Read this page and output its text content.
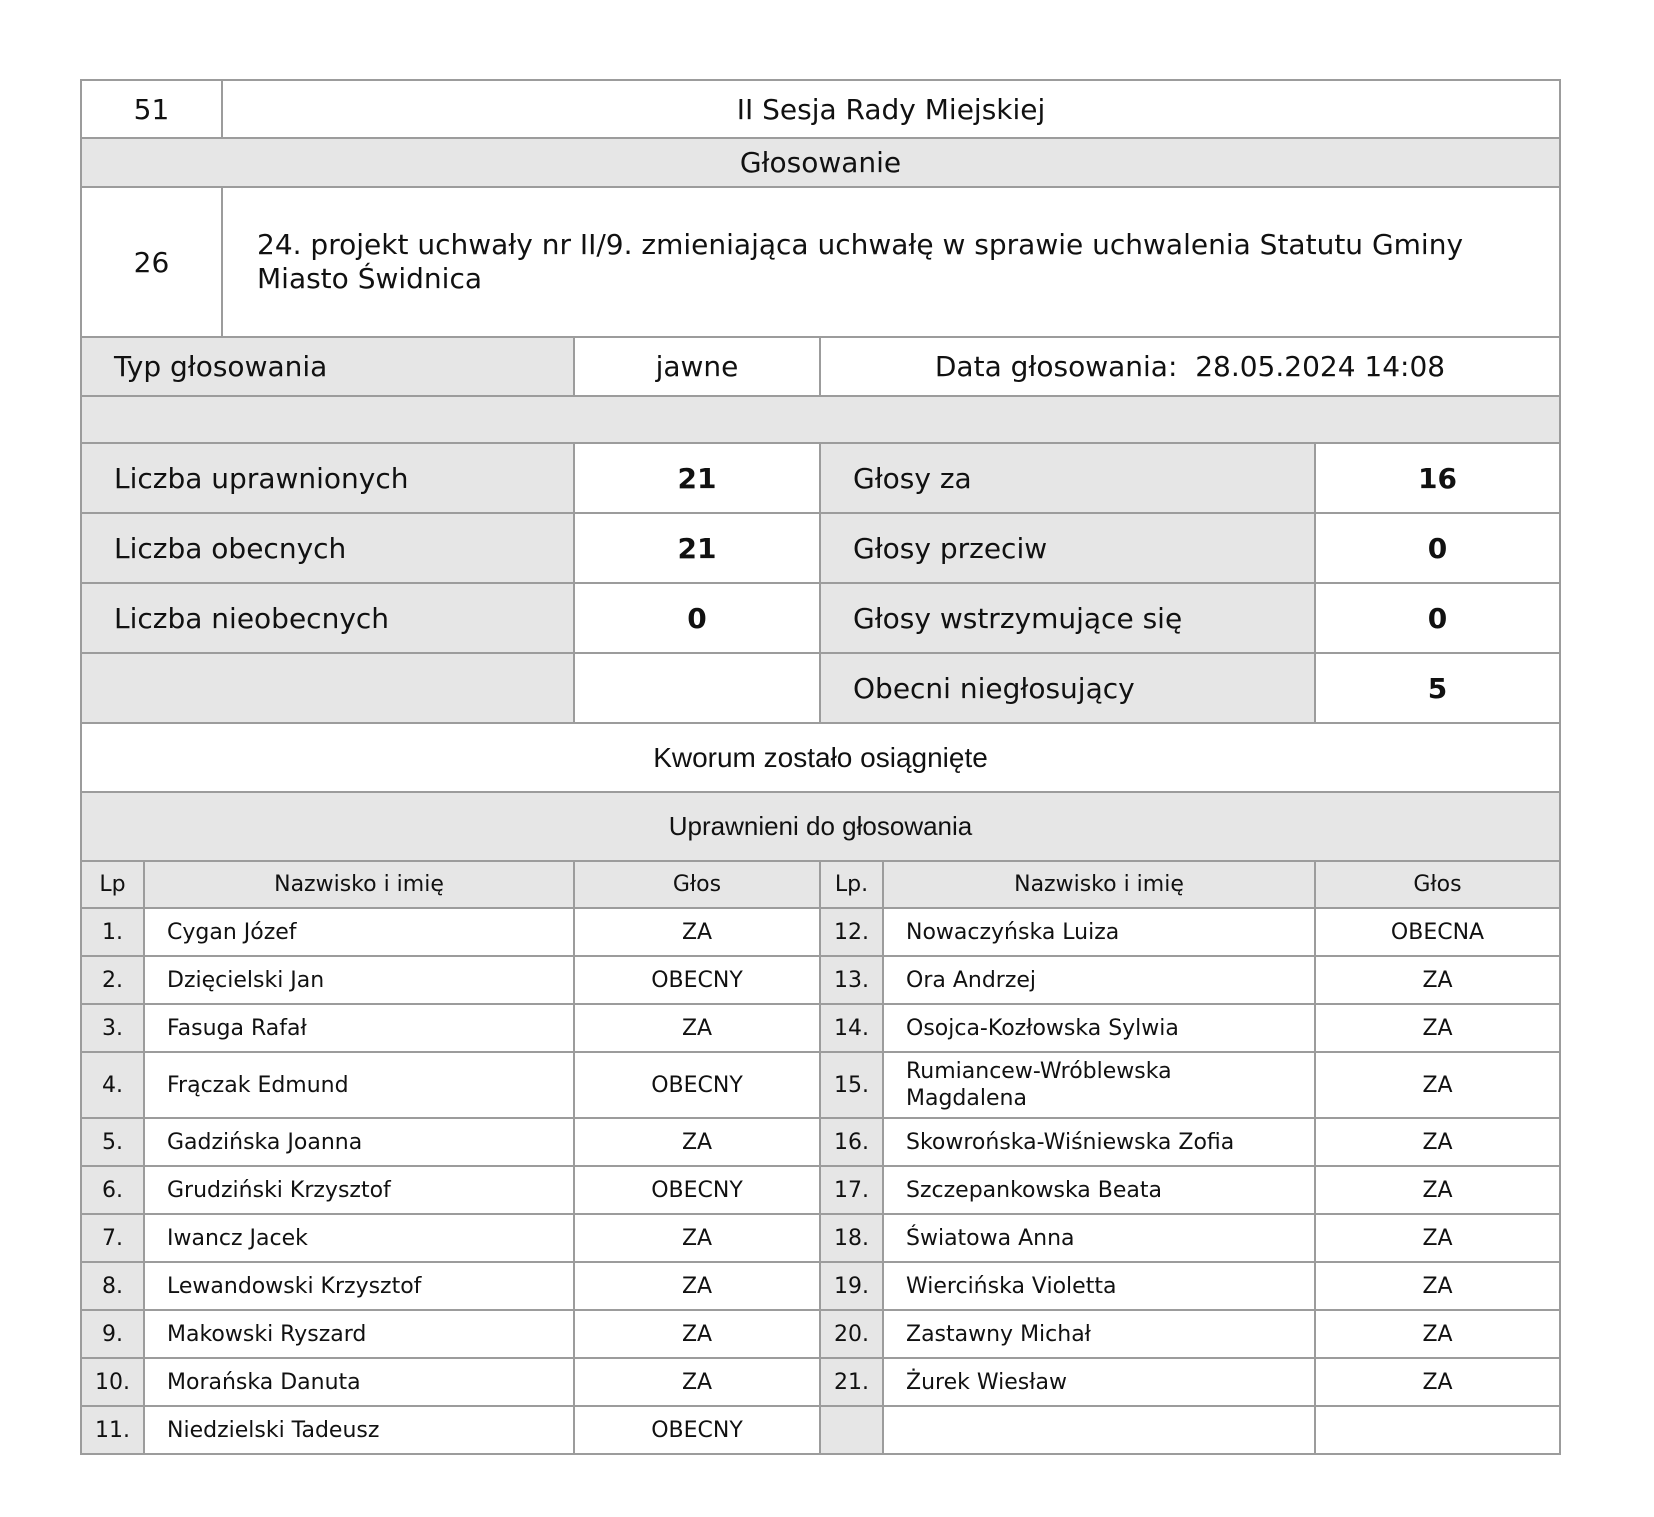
51	II Sesja Rady Miejskiej
Głosowanie
26	24. projekt uchwały nr II/9. zmieniająca uchwałę w sprawie uchwalenia Statutu Gminy Miasto Świdnica
Typ głosowania	jawne	Data głosowania: 28.05.2024 14:08
Liczba uprawnionych	21	Głosy za	16
Liczba obecnych	21	Głosy przeciw	0
Liczba nieobecnych	0	Głosy wstrzymujące się	0
		Obecni niegłosujący	5
Kworum zostało osiągnięte
Uprawnieni do głosowania
Lp	Nazwisko i imię	Głos	Lp.	Nazwisko i imię	Głos
1.	Cygan Józef	ZA	12.	Nowaczyńska Luiza	OBECNA
2.	Dzięcielski Jan	OBECNY	13.	Ora Andrzej	ZA
3.	Fasuga Rafał	ZA	14.	Osojca-Kozłowska Sylwia	ZA
4.	Frączak Edmund	OBECNY	15.	Rumiancew-Wróblewska Magdalena	ZA
5.	Gadzińska Joanna	ZA	16.	Skowrońska-Wiśniewska Zofia	ZA
6.	Grudziński Krzysztof	OBECNY	17.	Szczepankowska Beata	ZA
7.	Iwancz Jacek	ZA	18.	Światowa Anna	ZA
8.	Lewandowski Krzysztof	ZA	19.	Wiercińska Violetta	ZA
9.	Makowski Ryszard	ZA	20.	Zastawny Michał	ZA
10.	Morańska Danuta	ZA	21.	Żurek Wiesław	ZA
11.	Niedzielski Tadeusz	OBECNY			
